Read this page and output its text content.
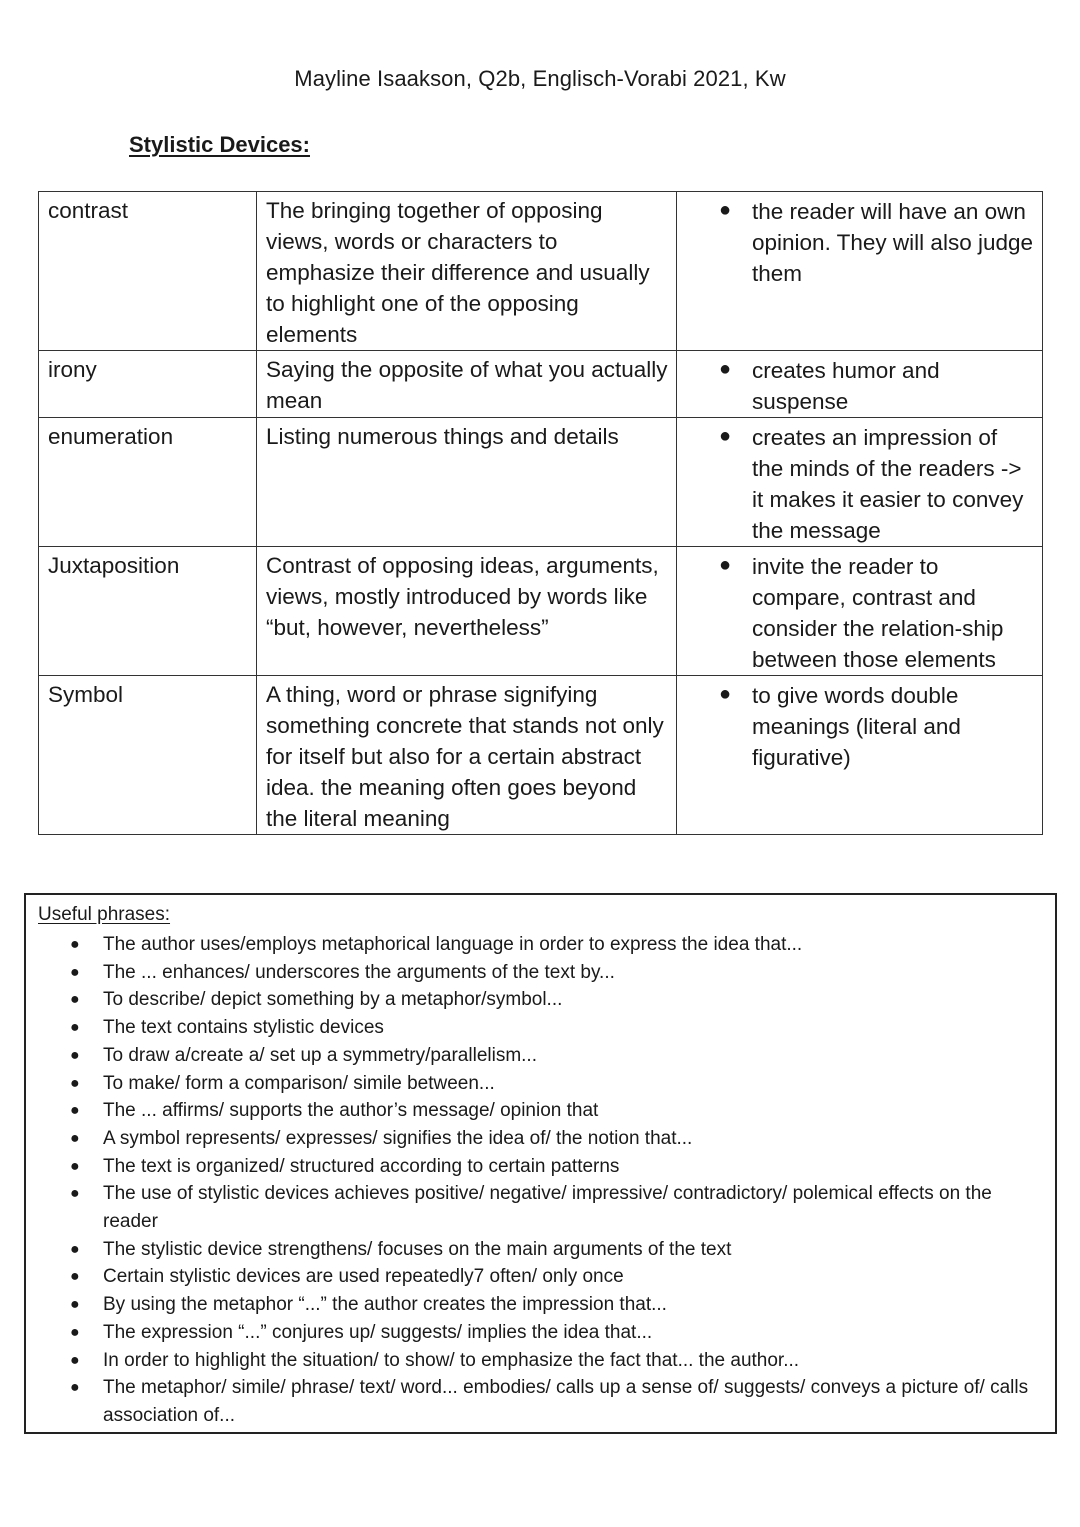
Mayline Isaakson, Q2b, Englisch-Vorabi 2021, Kw
Stylistic Devices:
contrast	The bringing together of opposing views, words or characters to emphasize their difference and usually to highlight one of the opposing elements	● the reader will have an own opinion. They will also judge them

irony	Saying the opposite of what you actually mean	● creates humor and suspense

enumeration	Listing numerous things and details	● creates an impression of the minds of the readers -> it makes it easier to convey the message

Juxtaposition	Contrast of opposing ideas, arguments, views, mostly introduced by words like “but, however, nevertheless”	● invite the reader to compare, contrast and consider the relation-ship between those elements

Symbol	A thing, word or phrase signifying something concrete that stands not only for itself but also for a certain abstract idea. the meaning often goes beyond the literal meaning	● to give words double meanings (literal and figurative)
Useful phrases:
● The author uses/employs metaphorical language in order to express the idea that...
● The ... enhances/ underscores the arguments of the text by...
● To describe/ depict something by a metaphor/symbol...
● The text contains stylistic devices
● To draw a/create a/ set up a symmetry/parallelism...
● To make/ form a comparison/ simile between...
● The ... affirms/ supports the author’s message/ opinion that
● A symbol represents/ expresses/ signifies the idea of/ the notion that...
● The text is organized/ structured according to certain patterns
● The use of stylistic devices achieves positive/ negative/ impressive/ contradictory/ polemical effects on the reader
● The stylistic device strengthens/ focuses on the main arguments of the text
● Certain stylistic devices are used repeatedly7 often/ only once
● By using the metaphor “...” the author creates the impression that...
● The expression “...” conjures up/ suggests/ implies the idea that...
● In order to highlight the situation/ to show/ to emphasize the fact that... the author...
● The metaphor/ simile/ phrase/ text/ word... embodies/ calls up a sense of/ suggests/ conveys a picture of/ calls association of...
